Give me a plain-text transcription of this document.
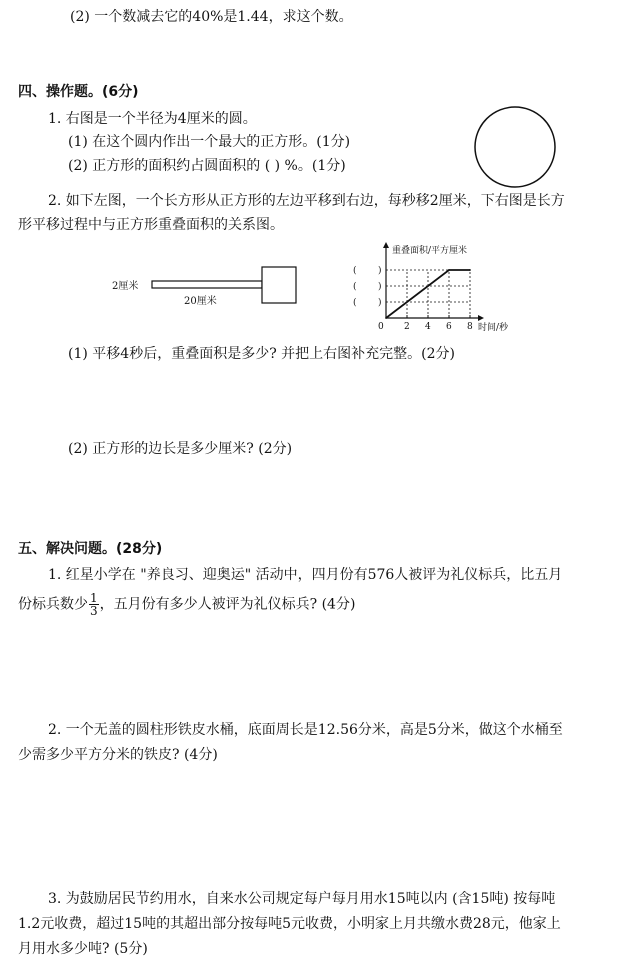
(2) 一个数减去它的40%是1.44，求这个数。
四、操作题。(6分)
1. 右图是一个半径为4厘米的圆。
(1) 在这个圆内作出一个最大的正方形。(1分)
(2) 正方形的面积约占圆面积的 ( ) %。(1分)
2. 如下左图，一个长方形从正方形的左边平移到右边，每秒移2厘米，下右图是长方
形平移过程中与正方形重叠面积的关系图。
2厘米
20厘米
重叠面积/平方厘米
时间/秒
0 2 4 6 8
( )
( )
( )
(1) 平移4秒后，重叠面积是多少? 并把上右图补充完整。(2分)
(2) 正方形的边长是多少厘米? (2分)
五、解决问题。(28分)
1. 红星小学在 "养良习、迎奥运" 活动中，四月份有576人被评为礼仪标兵，比五月
份标兵数少 $\frac{1}{3}$ ，五月份有多少人被评为礼仪标兵? (4分)
2. 一个无盖的圆柱形铁皮水桶，底面周长是12.56分米，高是5分米，做这个水桶至
少需多少平方分米的铁皮? (4分)
3. 为鼓励居民节约用水，自来水公司规定每户每月用水15吨以内 (含15吨) 按每吨
1.2元收费，超过15吨的其超出部分按每吨5元收费，小明家上月共缴水费28元，他家上
月用水多少吨? (5分)
